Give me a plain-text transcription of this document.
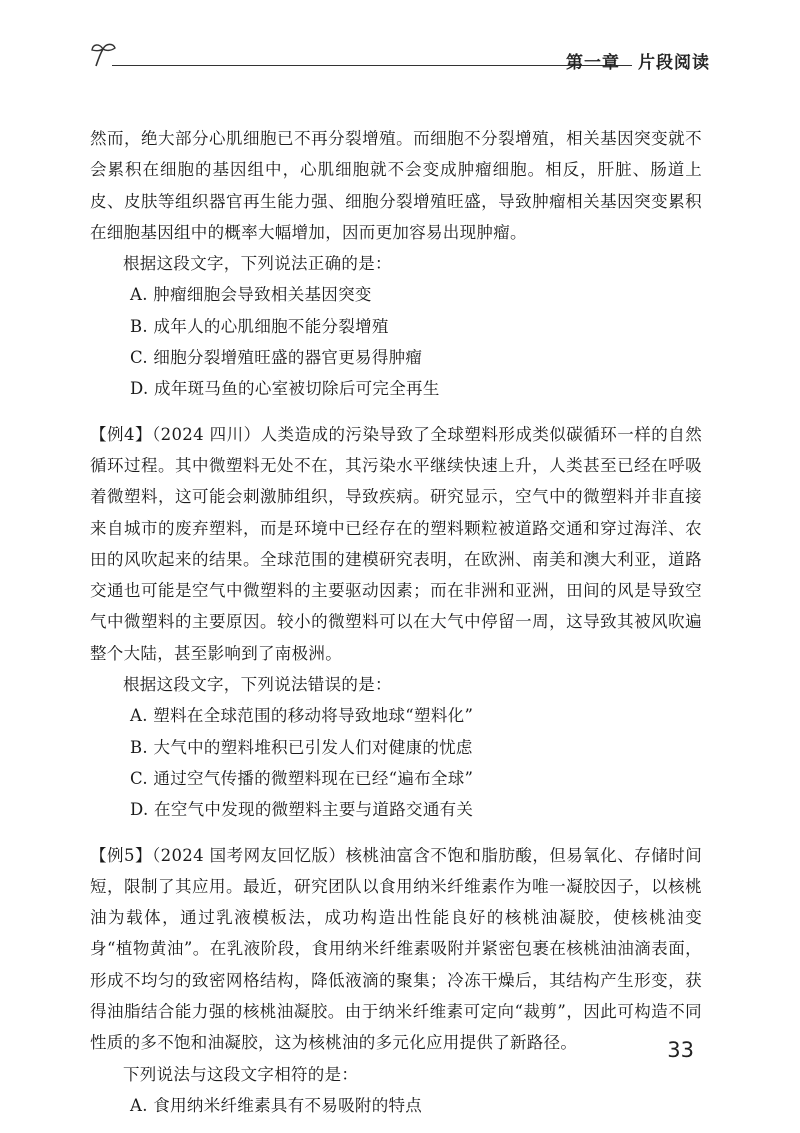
第一章　片段阅读

然而，绝大部分心肌细胞已不再分裂增殖。而细胞不分裂增殖，相关基因突变就不会累积在细胞的基因组中，心肌细胞就不会变成肿瘤细胞。相反，肝脏、肠道上皮、皮肤等组织器官再生能力强、细胞分裂增殖旺盛，导致肿瘤相关基因突变累积在细胞基因组中的概率大幅增加，因而更加容易出现肿瘤。

根据这段文字，下列说法正确的是：

A. 肿瘤细胞会导致相关基因突变

B. 成年人的心肌细胞不能分裂增殖

C. 细胞分裂增殖旺盛的器官更易得肿瘤

D. 成年斑马鱼的心室被切除后可完全再生

【例4】（2024 四川）人类造成的污染导致了全球塑料形成类似碳循环一样的自然循环过程。其中微塑料无处不在，其污染水平继续快速上升，人类甚至已经在呼吸着微塑料，这可能会刺激肺组织，导致疾病。研究显示，空气中的微塑料并非直接来自城市的废弃塑料，而是环境中已经存在的塑料颗粒被道路交通和穿过海洋、农田的风吹起来的结果。全球范围的建模研究表明，在欧洲、南美和澳大利亚，道路交通也可能是空气中微塑料的主要驱动因素；而在非洲和亚洲，田间的风是导致空气中微塑料的主要原因。较小的微塑料可以在大气中停留一周，这导致其被风吹遍整个大陆，甚至影响到了南极洲。

根据这段文字，下列说法错误的是：

A. 塑料在全球范围的移动将导致地球“塑料化”

B. 大气中的塑料堆积已引发人们对健康的忧虑

C. 通过空气传播的微塑料现在已经“遍布全球”

D. 在空气中发现的微塑料主要与道路交通有关

【例5】（2024 国考网友回忆版）核桃油富含不饱和脂肪酸，但易氧化、存储时间短，限制了其应用。最近，研究团队以食用纳米纤维素作为唯一凝胶因子，以核桃油为载体，通过乳液模板法，成功构造出性能良好的核桃油凝胶，使核桃油变身“植物黄油”。在乳液阶段，食用纳米纤维素吸附并紧密包裹在核桃油油滴表面，形成不均匀的致密网格结构，降低液滴的聚集；冷冻干燥后，其结构产生形变，获得油脂结合能力强的核桃油凝胶。由于纳米纤维素可定向“裁剪”，因此可构造不同性质的多不饱和油凝胶，这为核桃油的多元化应用提供了新路径。

下列说法与这段文字相符的是：

A. 食用纳米纤维素具有不易吸附的特点

33
